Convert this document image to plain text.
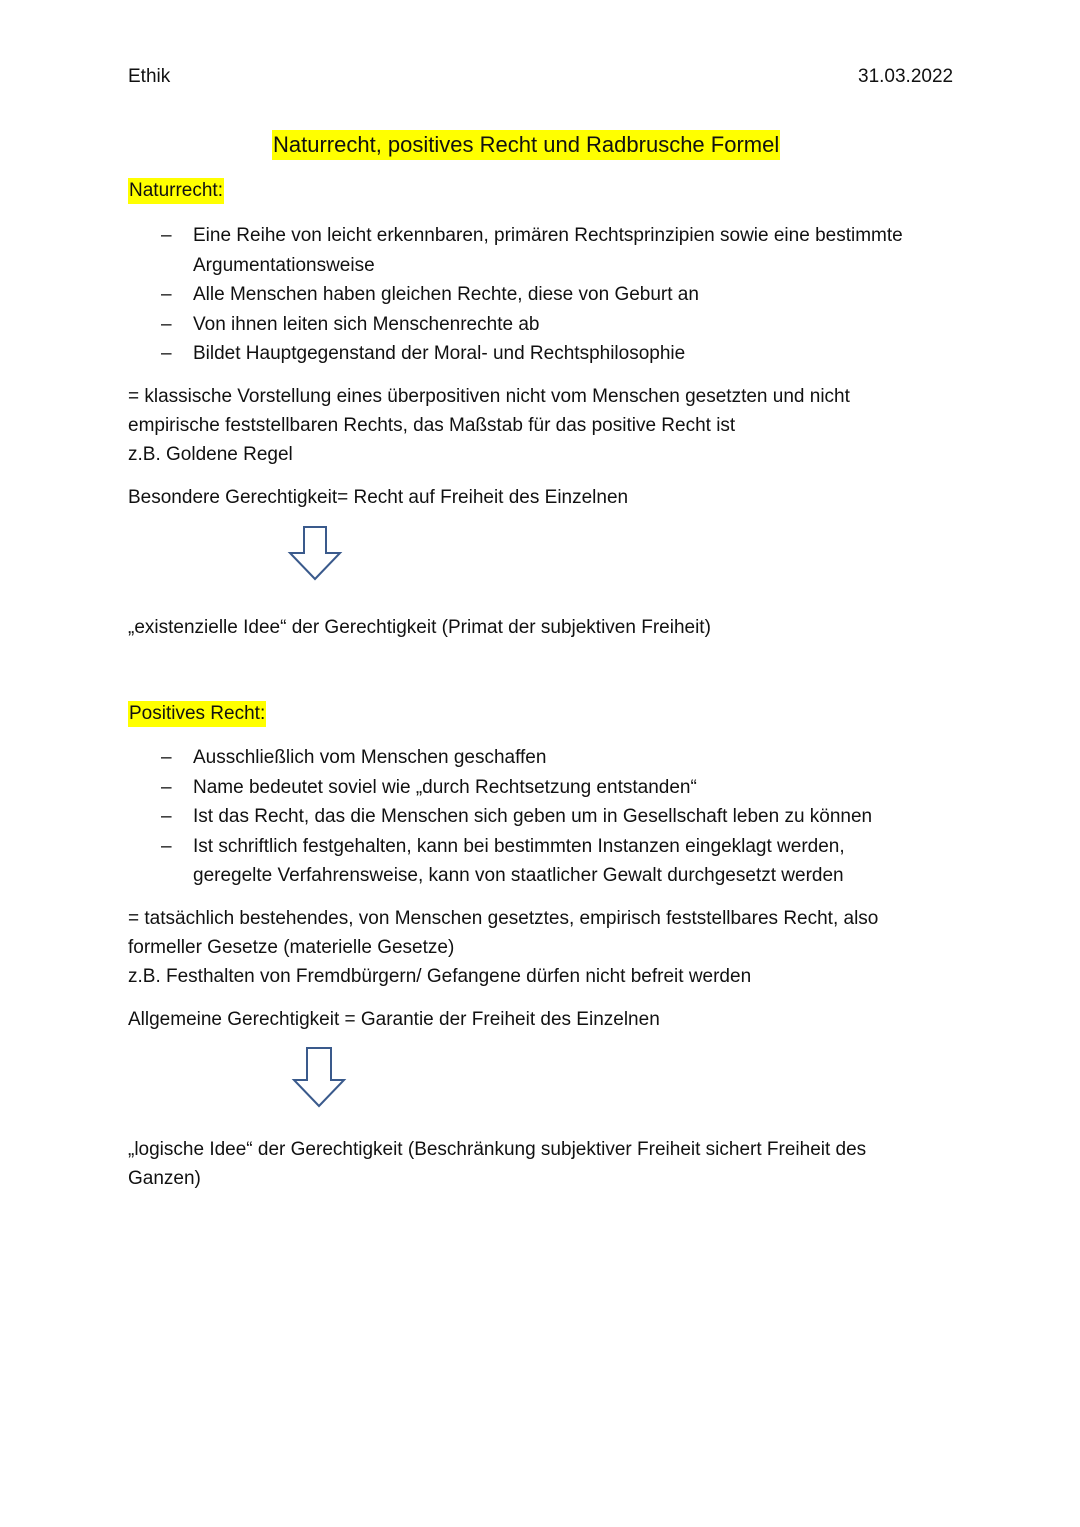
Ethik	31.03.2022
Naturrecht, positives Recht und Radbrusche Formel
Naturrecht:
– Eine Reihe von leicht erkennbaren, primären Rechtsprinzipien sowie eine bestimmte
Argumentationsweise
– Alle Menschen haben gleichen Rechte, diese von Geburt an
– Von ihnen leiten sich Menschenrechte ab
– Bildet Hauptgegenstand der Moral- und Rechtsphilosophie
= klassische Vorstellung eines überpositiven nicht vom Menschen gesetzten und nicht
empirische feststellbaren Rechts, das Maßstab für das positive Recht ist
z.B. Goldene Regel
Besondere Gerechtigkeit= Recht auf Freiheit des Einzelnen
„existenzielle Idee“ der Gerechtigkeit (Primat der subjektiven Freiheit)
Positives Recht:
– Ausschließlich vom Menschen geschaffen
– Name bedeutet soviel wie „durch Rechtsetzung entstanden“
– Ist das Recht, das die Menschen sich geben um in Gesellschaft leben zu können
– Ist schriftlich festgehalten, kann bei bestimmten Instanzen eingeklagt werden,
geregelte Verfahrensweise, kann von staatlicher Gewalt durchgesetzt werden
= tatsächlich bestehendes, von Menschen gesetztes, empirisch feststellbares Recht, also
formeller Gesetze (materielle Gesetze)
z.B. Festhalten von Fremdbürgern/ Gefangene dürfen nicht befreit werden
Allgemeine Gerechtigkeit = Garantie der Freiheit des Einzelnen
„logische Idee“ der Gerechtigkeit (Beschränkung subjektiver Freiheit sichert Freiheit des
Ganzen)
